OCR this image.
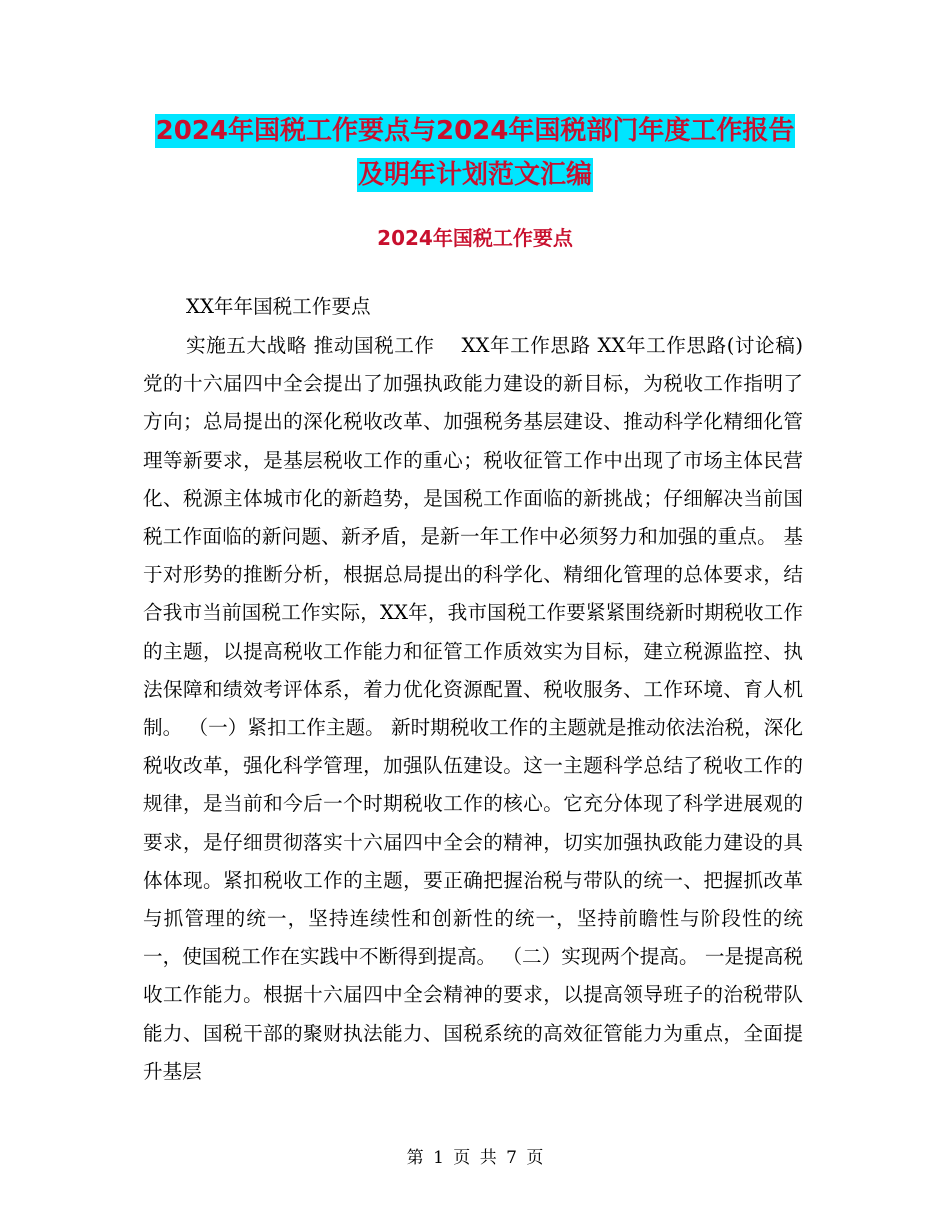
2024年国税工作要点与2024年国税部门年度工作报告
及明年计划范文汇编
2024年国税工作要点

XX年年国税工作要点

实施五大战略 推动国税工作　 XX年工作思路 XX年工作思路(讨论稿) 党的十六届四中全会提出了加强执政能力建设的新目标，为税收工作指明了方向；总局提出的深化税收改革、加强税务基层建设、推动科学化精细化管理等新要求，是基层税收工作的重心；税收征管工作中出现了市场主体民营化、税源主体城市化的新趋势，是国税工作面临的新挑战；仔细解决当前国税工作面临的新问题、新矛盾，是新一年工作中必须努力和加强的重点。 基于对形势的推断分析，根据总局提出的科学化、精细化管理的总体要求，结合我市当前国税工作实际，XX年，我市国税工作要紧紧围绕新时期税收工作的主题，以提高税收工作能力和征管工作质效实为目标，建立税源监控、执法保障和绩效考评体系，着力优化资源配置、税收服务、工作环境、育人机制。 （一）紧扣工作主题。 新时期税收工作的主题就是推动依法治税，深化税收改革，强化科学管理，加强队伍建设。这一主题科学总结了税收工作的规律，是当前和今后一个时期税收工作的核心。它充分体现了科学进展观的要求，是仔细贯彻落实十六届四中全会的精神，切实加强执政能力建设的具体体现。紧扣税收工作的主题，要正确把握治税与带队的统一、把握抓改革与抓管理的统一，坚持连续性和创新性的统一，坚持前瞻性与阶段性的统一，使国税工作在实践中不断得到提高。 （二）实现两个提高。 一是提高税收工作能力。根据十六届四中全会精神的要求，以提高领导班子的治税带队能力、国税干部的聚财执法能力、国税系统的高效征管能力为重点，全面提升基层

第 1 页 共 7 页
